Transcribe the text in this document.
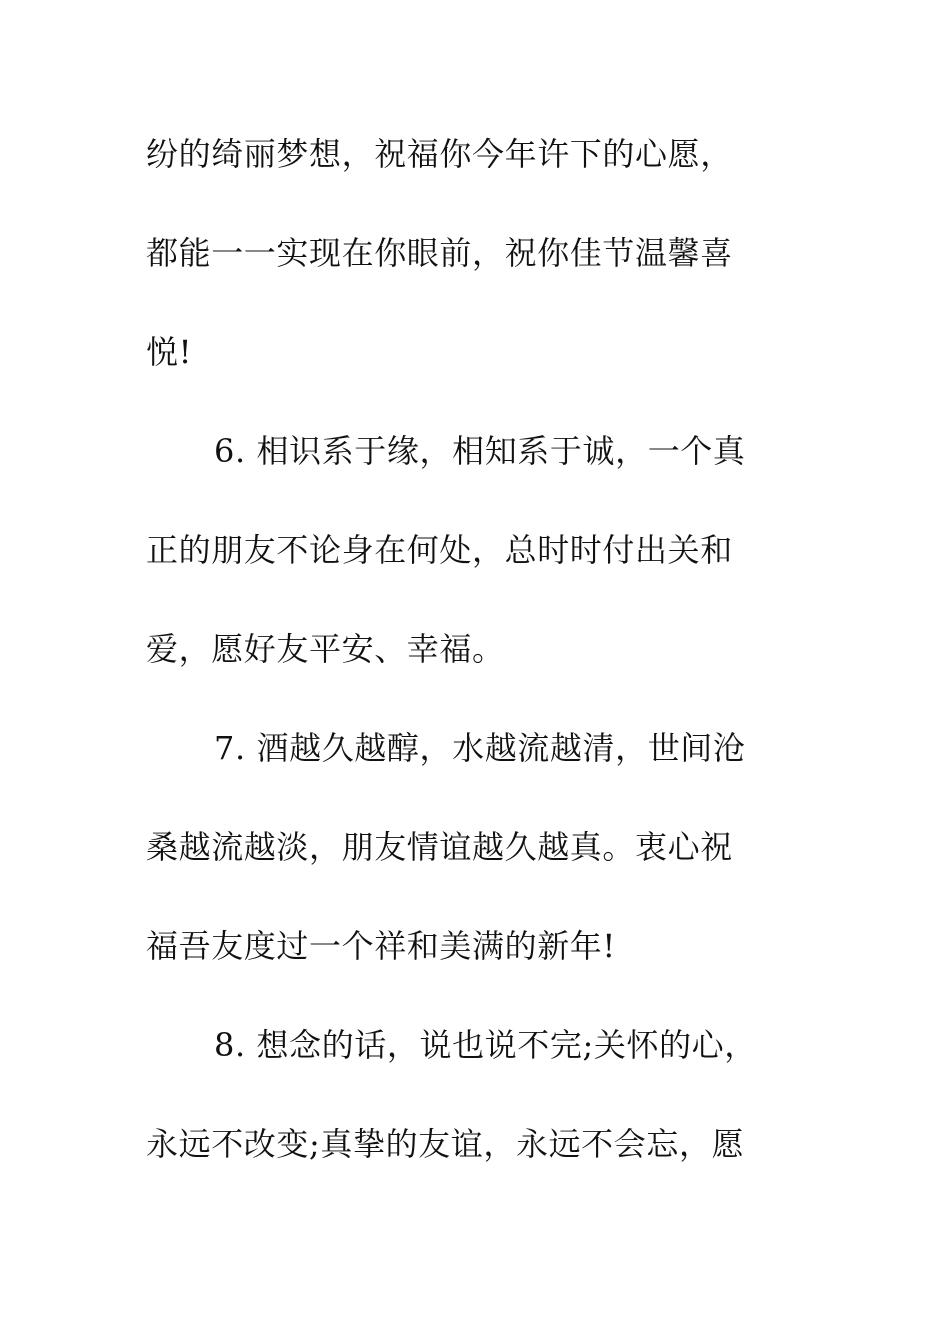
纷的绮丽梦想，祝福你今年许下的心愿，
都能一一实现在你眼前，祝你佳节温馨喜
悦!
6. 相识系于缘，相知系于诚，一个真
正的朋友不论身在何处，总时时付出关和
爱，愿好友平安、幸福。
7. 酒越久越醇，水越流越清，世间沧
桑越流越淡，朋友情谊越久越真。衷心祝
福吾友度过一个祥和美满的新年!
8. 想念的话，说也说不完;关怀的心，
永远不改变;真挚的友谊，永远不会忘，愿
